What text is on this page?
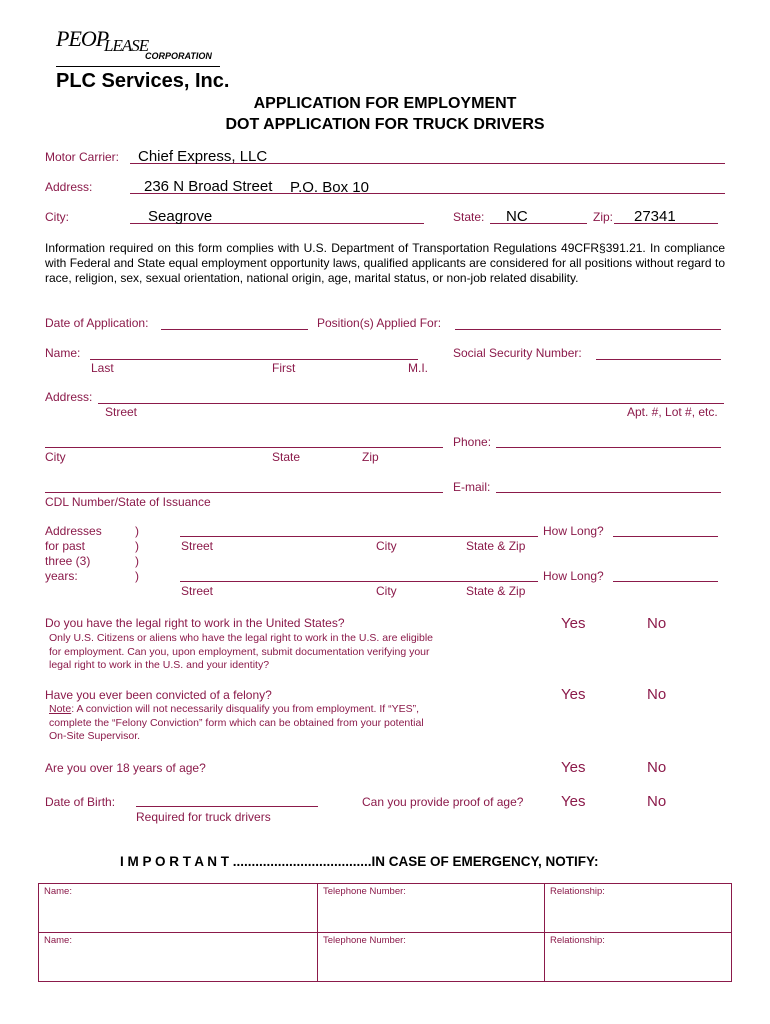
PEOP
LEASE
CORPORATION
PLC Services, Inc.
APPLICATION FOR EMPLOYMENT
DOT APPLICATION FOR TRUCK DRIVERS
Motor Carrier: Chief Express, LLC
Address:	236 N Broad Street P.O. Box 10
City:	Seagrove	State: NC	Zip: 27341
Information required on this form complies with U.S. Department of Transportation Regulations 49CFR§391.21. In compliance with Federal and State equal employment opportunity laws, qualified applicants are considered for all positions without regard to race, religion, sex, sexual orientation, national origin, age, marital status, or non-job related disability.
Date of Application:	Position(s) Applied For:
Name:
Last	First	M.I.
Social Security Number:
Address:
Street	Apt. #, Lot #, etc.
City	State	Zip
Phone:
CDL Number/State of Issuance
E-mail:
Addresses
for past
three (3)
years:
)
)
)
)
Street	City	State & Zip
How Long?
Street	City	State & Zip
How Long?
Do you have the legal right to work in the United States?	Yes	No
Only U.S. Citizens or aliens who have the legal right to work in the U.S. are eligible for employment. Can you, upon employment, submit documentation verifying your legal right to work in the U.S. and your identity?
Have you ever been convicted of a felony?	Yes	No
Note: A conviction will not necessarily disqualify you from employment. If “YES”, complete the “Felony Conviction” form which can be obtained from your potential On-Site Supervisor.
Are you over 18 years of age?	Yes	No
Date of Birth:
Required for truck drivers
Can you provide proof of age?	Yes	No
I M P O R T A N T .....................................IN CASE OF EMERGENCY, NOTIFY:
Name:	Telephone Number:	Relationship:
Name:	Telephone Number:	Relationship:
